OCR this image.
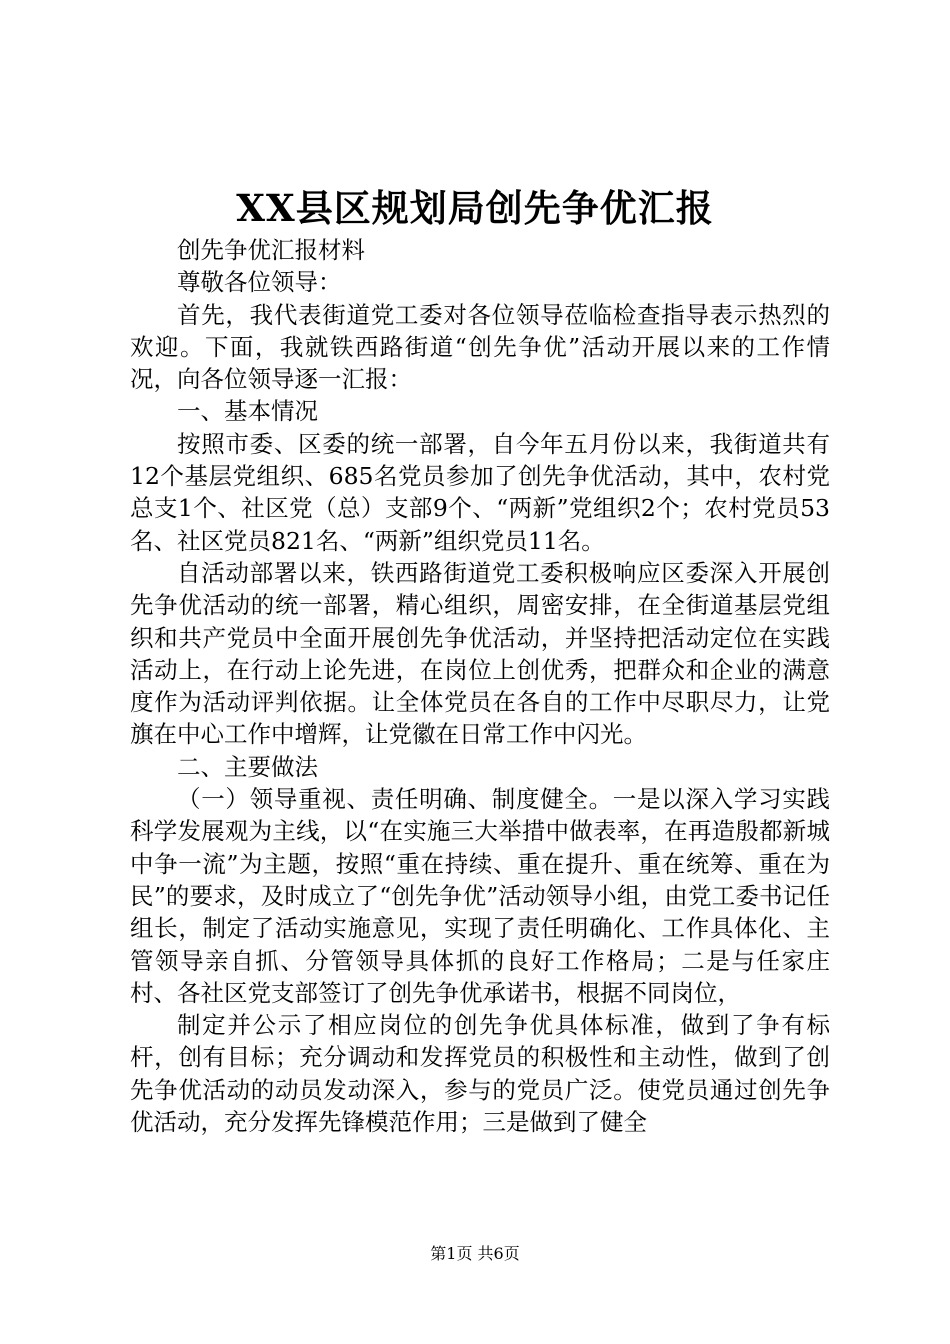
XX县区规划局创先争优汇报

创先争优汇报材料

尊敬各位领导：

首先，我代表街道党工委对各位领导莅临检查指导表示热烈的欢迎。下面，我就铁西路街道“创先争优”活动开展以来的工作情况，向各位领导逐一汇报：

一、基本情况

按照市委、区委的统一部署，自今年五月份以来，我街道共有12个基层党组织、685名党员参加了创先争优活动，其中，农村党总支1个、社区党（总）支部9个、“两新”党组织2个；农村党员53名、社区党员821名、“两新”组织党员11名。

自活动部署以来，铁西路街道党工委积极响应区委深入开展创先争优活动的统一部署，精心组织，周密安排，在全街道基层党组织和共产党员中全面开展创先争优活动，并坚持把活动定位在实践活动上，在行动上论先进，在岗位上创优秀，把群众和企业的满意度作为活动评判依据。让全体党员在各自的工作中尽职尽力，让党旗在中心工作中增辉，让党徽在日常工作中闪光。

二、主要做法

（一）领导重视、责任明确、制度健全。一是以深入学习实践科学发展观为主线，以“在实施三大举措中做表率，在再造殷都新城中争一流”为主题，按照“重在持续、重在提升、重在统筹、重在为民”的要求，及时成立了“创先争优”活动领导小组，由党工委书记任组长，制定了活动实施意见，实现了责任明确化、工作具体化、主管领导亲自抓、分管领导具体抓的良好工作格局；二是与任家庄村、各社区党支部签订了创先争优承诺书，根据不同岗位，

制定并公示了相应岗位的创先争优具体标准，做到了争有标杆，创有目标；充分调动和发挥党员的积极性和主动性，做到了创先争优活动的动员发动深入，参与的党员广泛。使党员通过创先争优活动，充分发挥先锋模范作用；三是做到了健全

第1页 共6页
